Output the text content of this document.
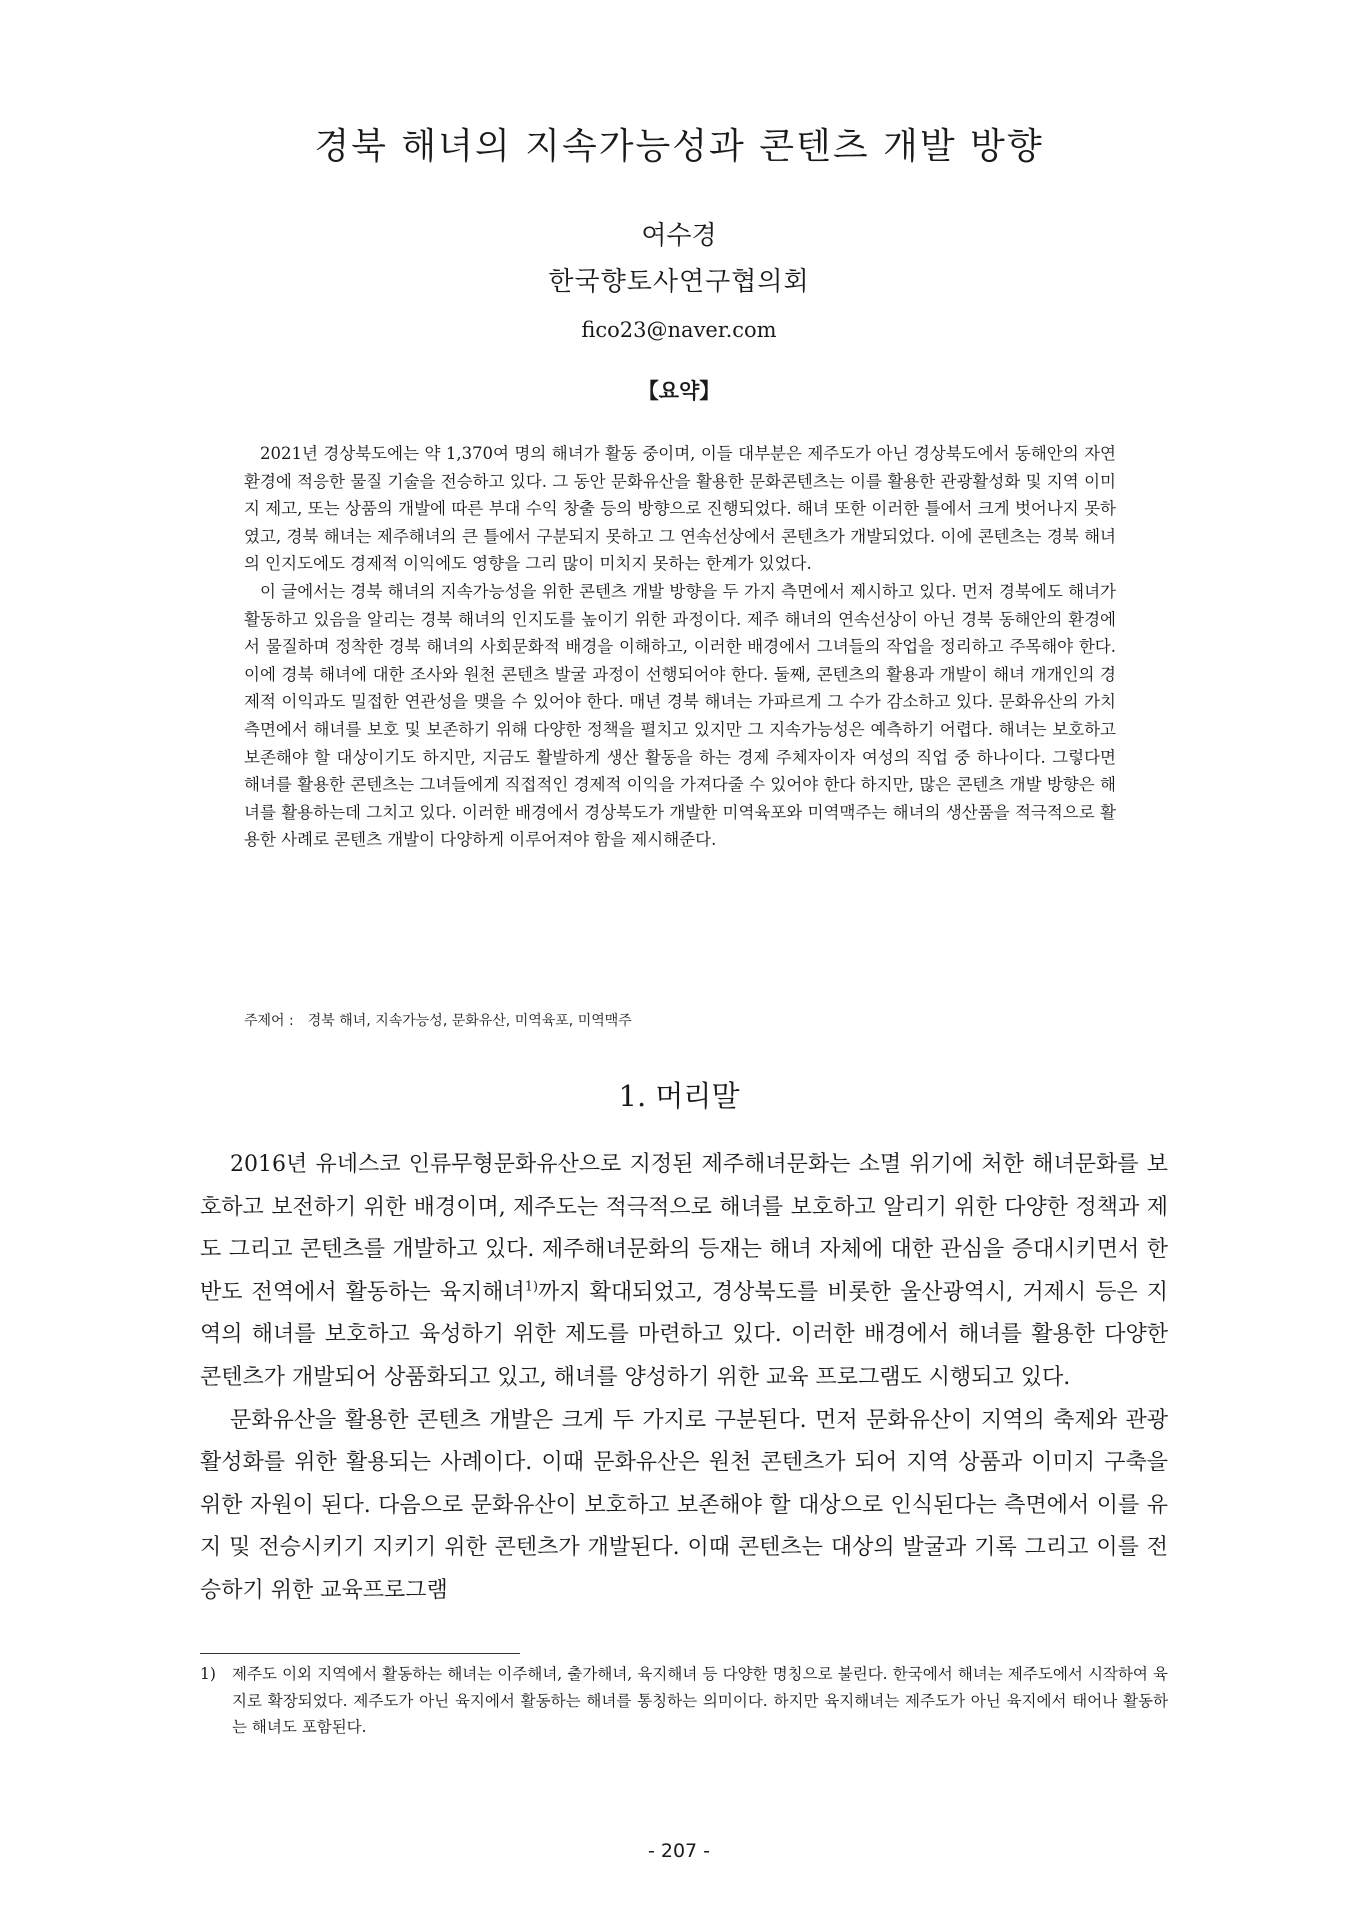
경북 해녀의 지속가능성과 콘텐츠 개발 방향
여수경
한국향토사연구협의회
fico23@naver.com
【요약】

2021년 경상북도에는 약 1,370여 명의 해녀가 활동 중이며, 이들 대부분은 제주도가 아닌 경상북도에서 동해안의 자연환경에 적응한 물질 기술을 전승하고 있다. 그 동안 문화유산을 활용한 문화콘텐츠는 이를 활용한 관광활성화 및 지역 이미지 제고, 또는 상품의 개발에 따른 부대 수익 창출 등의 방향으로 진행되었다. 해녀 또한 이러한 틀에서 크게 벗어나지 못하였고, 경북 해녀는 제주해녀의 큰 틀에서 구분되지 못하고 그 연속선상에서 콘텐츠가 개발되었다. 이에 콘텐츠는 경북 해녀의 인지도에도 경제적 이익에도 영향을 그리 많이 미치지 못하는 한계가 있었다.

이 글에서는 경북 해녀의 지속가능성을 위한 콘텐츠 개발 방향을 두 가지 측면에서 제시하고 있다. 먼저 경북에도 해녀가 활동하고 있음을 알리는 경북 해녀의 인지도를 높이기 위한 과정이다. 제주 해녀의 연속선상이 아닌 경북 동해안의 환경에서 물질하며 정착한 경북 해녀의 사회문화적 배경을 이해하고, 이러한 배경에서 그녀들의 작업을 정리하고 주목해야 한다. 이에 경북 해녀에 대한 조사와 원천 콘텐츠 발굴 과정이 선행되어야 한다. 둘째, 콘텐츠의 활용과 개발이 해녀 개개인의 경제적 이익과도 밀접한 연관성을 맺을 수 있어야 한다. 매년 경북 해녀는 가파르게 그 수가 감소하고 있다. 문화유산의 가치 측면에서 해녀를 보호 및 보존하기 위해 다양한 정책을 펼치고 있지만 그 지속가능성은 예측하기 어렵다. 해녀는 보호하고 보존해야 할 대상이기도 하지만, 지금도 활발하게 생산 활동을 하는 경제 주체자이자 여성의 직업 중 하나이다. 그렇다면 해녀를 활용한 콘텐츠는 그녀들에게 직접적인 경제적 이익을 가져다줄 수 있어야 한다 하지만, 많은 콘텐츠 개발 방향은 해녀를 활용하는데 그치고 있다. 이러한 배경에서 경상북도가 개발한 미역육포와 미역맥주는 해녀의 생산품을 적극적으로 활용한 사례로 콘텐츠 개발이 다양하게 이루어져야 함을 제시해준다.

주제어 : 경북 해녀, 지속가능성, 문화유산, 미역육포, 미역맥주
1. 머리말

2016년 유네스코 인류무형문화유산으로 지정된 제주해녀문화는 소멸 위기에 처한 해녀문화를 보호하고 보전하기 위한 배경이며, 제주도는 적극적으로 해녀를 보호하고 알리기 위한 다양한 정책과 제도 그리고 콘텐츠를 개발하고 있다. 제주해녀문화의 등재는 해녀 자체에 대한 관심을 증대시키면서 한반도 전역에서 활동하는 육지해녀$^{1)}$까지 확대되었고, 경상북도를 비롯한 울산광역시, 거제시 등은 지역의 해녀를 보호하고 육성하기 위한 제도를 마련하고 있다. 이러한 배경에서 해녀를 활용한 다양한 콘텐츠가 개발되어 상품화되고 있고, 해녀를 양성하기 위한 교육 프로그램도 시행되고 있다.

문화유산을 활용한 콘텐츠 개발은 크게 두 가지로 구분된다. 먼저 문화유산이 지역의 축제와 관광 활성화를 위한 활용되는 사례이다. 이때 문화유산은 원천 콘텐츠가 되어 지역 상품과 이미지 구축을 위한 자원이 된다. 다음으로 문화유산이 보호하고 보존해야 할 대상으로 인식된다는 측면에서 이를 유지 및 전승시키기 지키기 위한 콘텐츠가 개발된다. 이때 콘텐츠는 대상의 발굴과 기록 그리고 이를 전승하기 위한 교육프로그램

1) 제주도 이외 지역에서 활동하는 해녀는 이주해녀, 출가해녀, 육지해녀 등 다양한 명칭으로 불린다. 한국에서 해녀는 제주도에서 시작하여 육지로 확장되었다. 제주도가 아닌 육지에서 활동하는 해녀를 통칭하는 의미이다. 하지만 육지해녀는 제주도가 아닌 육지에서 태어나 활동하는 해녀도 포함된다.
- 207 -
